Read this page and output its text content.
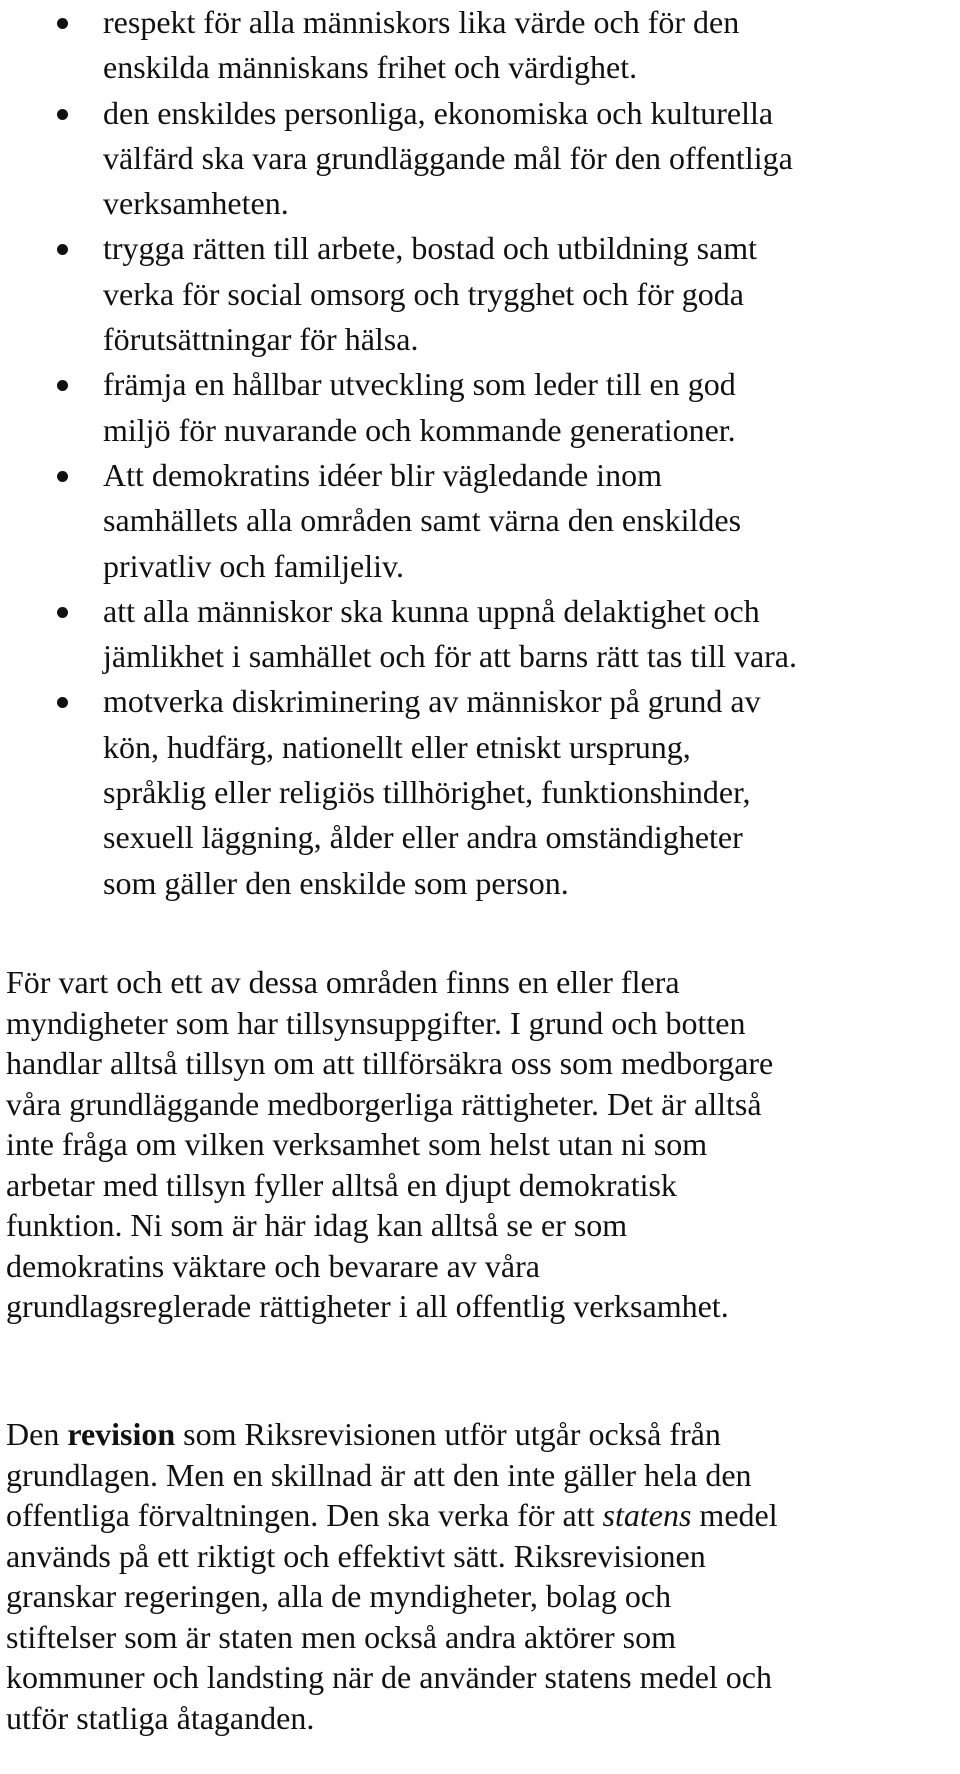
respekt för alla människors lika värde och för den
enskilda människans frihet och värdighet.
den enskildes personliga, ekonomiska och kulturella
välfärd ska vara grundläggande mål för den offentliga
verksamheten.
trygga rätten till arbete, bostad och utbildning samt
verka för social omsorg och trygghet och för goda
förutsättningar för hälsa.
främja en hållbar utveckling som leder till en god
miljö för nuvarande och kommande generationer.
Att demokratins idéer blir vägledande inom
samhällets alla områden samt värna den enskildes
privatliv och familjeliv.
att alla människor ska kunna uppnå delaktighet och
jämlikhet i samhället och för att barns rätt tas till vara.
motverka diskriminering av människor på grund av
kön, hudfärg, nationellt eller etniskt ursprung,
språklig eller religiös tillhörighet, funktionshinder,
sexuell läggning, ålder eller andra omständigheter
som gäller den enskilde som person.

För vart och ett av dessa områden finns en eller flera
myndigheter som har tillsynsuppgifter. I grund och botten
handlar alltså tillsyn om att tillförsäkra oss som medborgare
våra grundläggande medborgerliga rättigheter. Det är alltså
inte fråga om vilken verksamhet som helst utan ni som
arbetar med tillsyn fyller alltså en djupt demokratisk
funktion. Ni som är här idag kan alltså se er som
demokratins väktare och bevarare av våra
grundlagsreglerade rättigheter i all offentlig verksamhet.

Den revision som Riksrevisionen utför utgår också från
grundlagen. Men en skillnad är att den inte gäller hela den
offentliga förvaltningen. Den ska verka för att statens medel
används på ett riktigt och effektivt sätt. Riksrevisionen
granskar regeringen, alla de myndigheter, bolag och
stiftelser som är staten men också andra aktörer som
kommuner och landsting när de använder statens medel och
utför statliga åtaganden.
